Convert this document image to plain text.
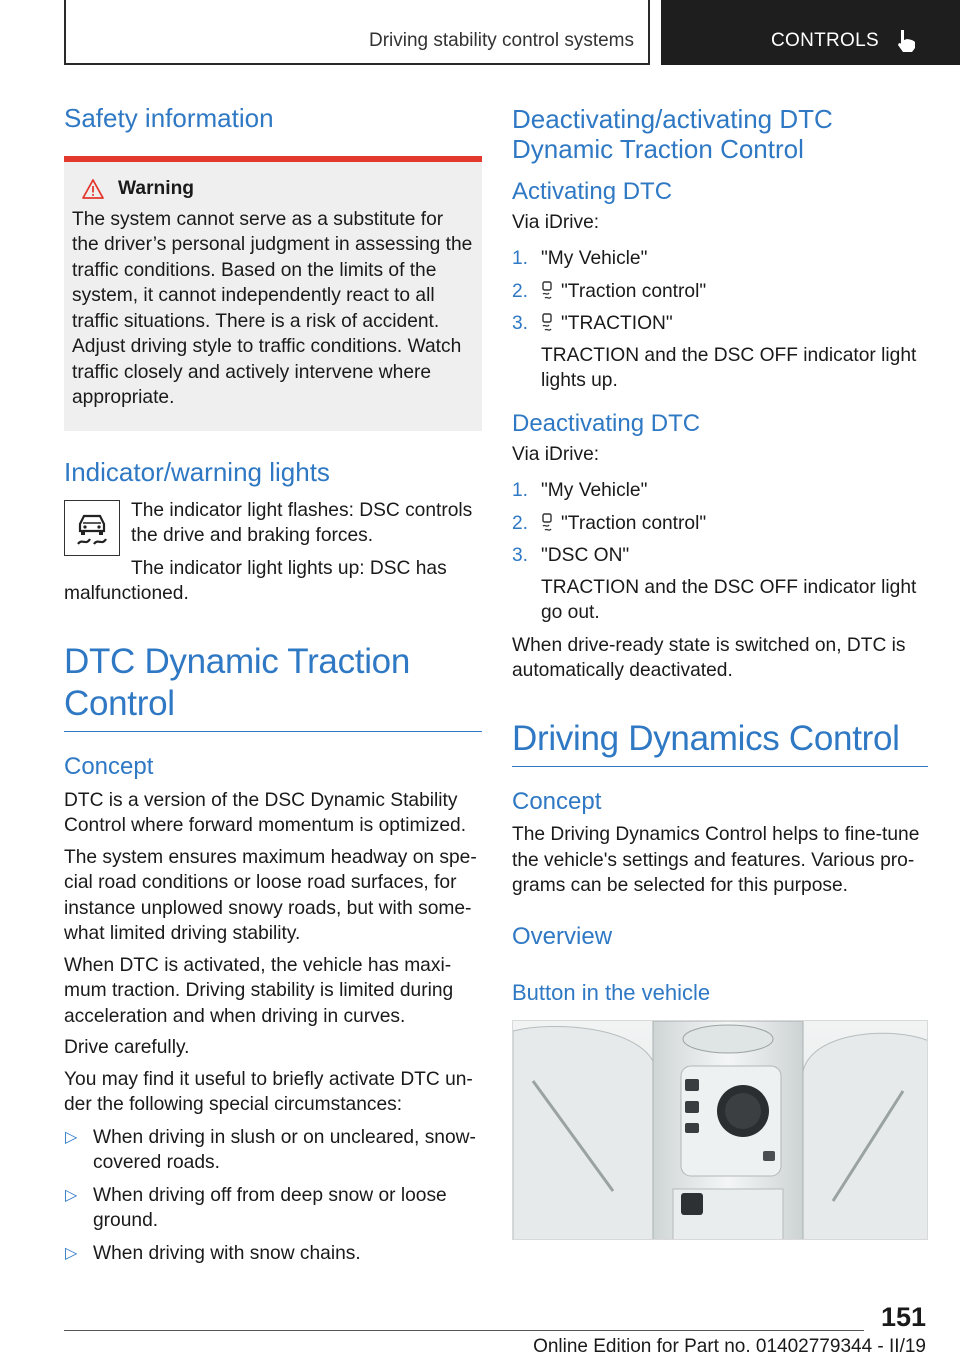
Driving stability control systems	CONTROLS
Safety information
Warning

The system cannot serve as a substitute for the driver’s personal judgment in assessing the traffic conditions. Based on the limits of the system, it cannot independently react to all traffic situations. There is a risk of accident. Adjust driving style to traffic conditions. Watch traffic closely and actively intervene where appropriate.

Indicator/warning lights

The indicator light flashes: DSC controls the drive and braking forces.

The indicator light lights up: DSC has malfunctioned.

DTC Dynamic Traction Control
Concept

DTC is a version of the DSC Dynamic Stability Control where forward momentum is optimized.

The system ensures maximum headway on special road conditions or loose road surfaces, for instance unplowed snowy roads, but with somewhat limited driving stability.

When DTC is activated, the vehicle has maximum traction. Driving stability is limited during acceleration and when driving in curves.

Drive carefully.

You may find it useful to briefly activate DTC under the following special circumstances:

▷ When driving in slush or on uncleared, snow-covered roads.
▷ When driving off from deep snow or loose ground.
▷ When driving with snow chains.
Deactivating/activating DTC Dynamic Traction Control
Activating DTC

Via iDrive:

1. "My Vehicle"
2. "Traction control"
3. "TRACTION"
TRACTION and the DSC OFF indicator light lights up.
Deactivating DTC

Via iDrive:

1. "My Vehicle"
2. "Traction control"
3. "DSC ON"
TRACTION and the DSC OFF indicator light go out.

When drive-ready state is switched on, DTC is automatically deactivated.

Driving Dynamics Control
Concept

The Driving Dynamics Control helps to fine-tune the vehicle's settings and features. Various programs can be selected for this purpose.

Overview
Button in the vehicle
151
Online Edition for Part no. 01402779344 - II/19
